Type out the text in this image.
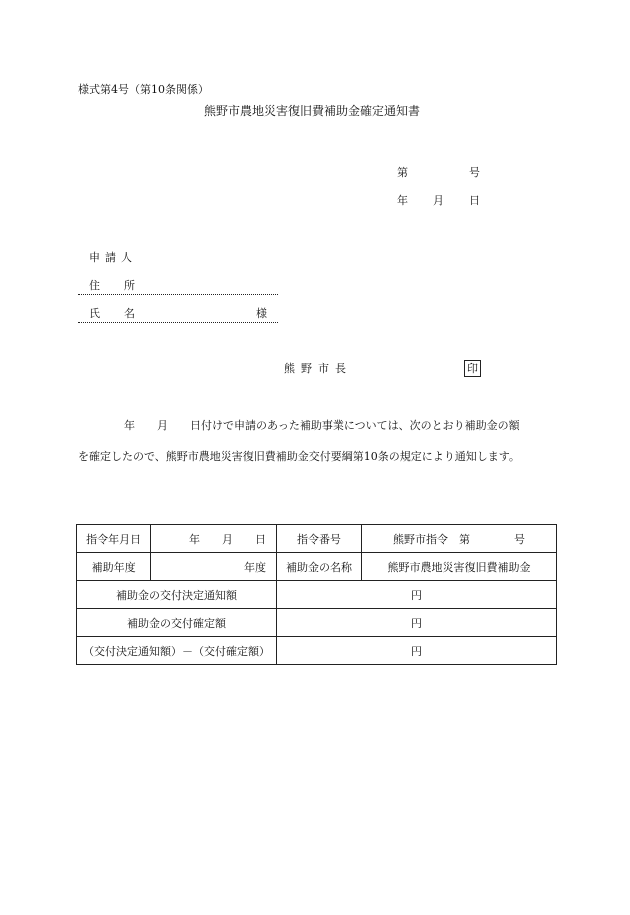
様式第4号（第10条関係）
熊野市農地災害復旧費補助金確定通知書
第	号
年 月 日
申請人
住 所
氏 名	様
熊野市長	印
年　　月　　日付けで申請のあった補助事業については、次のとおり補助金の額
を確定したので、熊野市農地災害復旧費補助金交付要綱第10条の規定により通知します。
指令年月日	年　　月　　日	指令番号	熊野市指令　第　　　　号
補助年度	年度	補助金の名称	熊野市農地災害復旧費補助金
補助金の交付決定通知額		円	
補助金の交付確定額		円	
（交付決定通知額）－（交付確定額）		円	
